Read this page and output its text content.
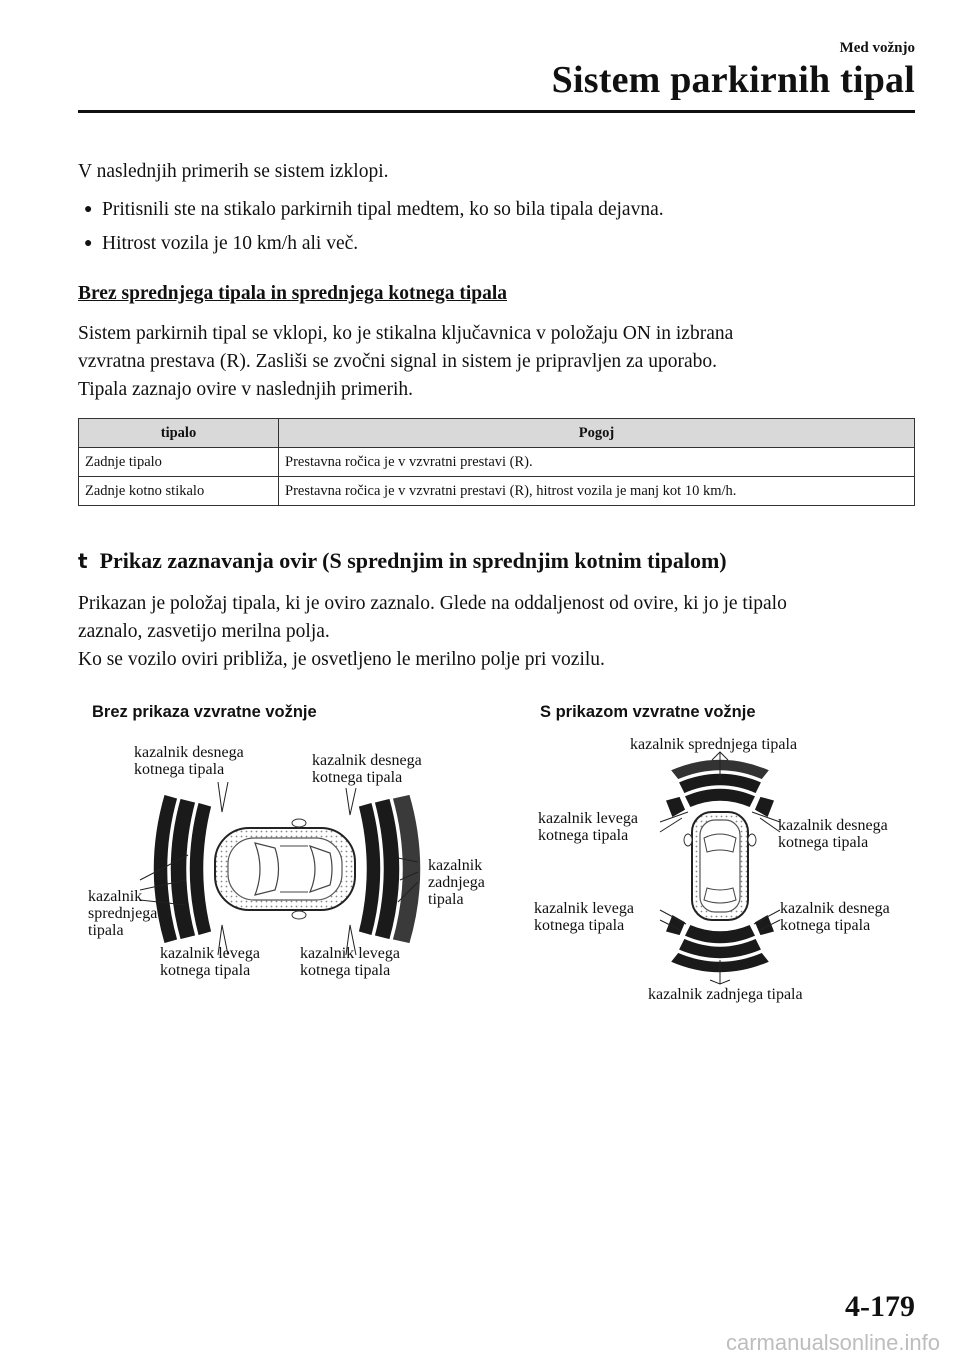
Med vožnjo
Sistem parkirnih tipal
V naslednjih primerih se sistem izklopi.
● Pritisnili ste na stikalo parkirnih tipal medtem, ko so bila tipala dejavna.
● Hitrost vozila je 10 km/h ali več.
Brez sprednjega tipala in sprednjega kotnega tipala
Sistem parkirnih tipal se vklopi, ko je stikalna ključavnica v položaju ON in izbrana
vzvratna prestava (R). Zasliši se zvočni signal in sistem je pripravljen za uporabo.
Tipala zaznajo ovire v naslednjih primerih.
tipalo	Pogoj
Zadnje tipalo	Prestavna ročica je v vzvratni prestavi (R).
Zadnje kotno stikalo	Prestavna ročica je v vzvratni prestavi (R), hitrost vozila je manj kot 10 km/h.
t Prikaz zaznavanja ovir (S sprednjim in sprednjim kotnim tipalom)
Prikazan je položaj tipala, ki je oviro zaznalo. Glede na oddaljenost od ovire, ki jo je tipalo
zaznalo, zasvetijo merilna polja.
Ko se vozilo oviri približa, je osvetljeno le merilno polje pri vozilu.
Brez prikaza vzvratne vožnje	S prikazom vzvratne vožnje
kazalnik desnega
kotnega tipala
kazalnik desnega
kotnega tipala
kazalnik
sprednjega
tipala
kazalnik
zadnjega
tipala
kazalnik levega
kotnega tipala
kazalnik levega
kotnega tipala
kazalnik sprednjega tipala
kazalnik levega
kotnega tipala
kazalnik desnega
kotnega tipala
kazalnik levega
kotnega tipala
kazalnik desnega
kotnega tipala
kazalnik zadnjega tipala
4-179
carmanualsonline.info
